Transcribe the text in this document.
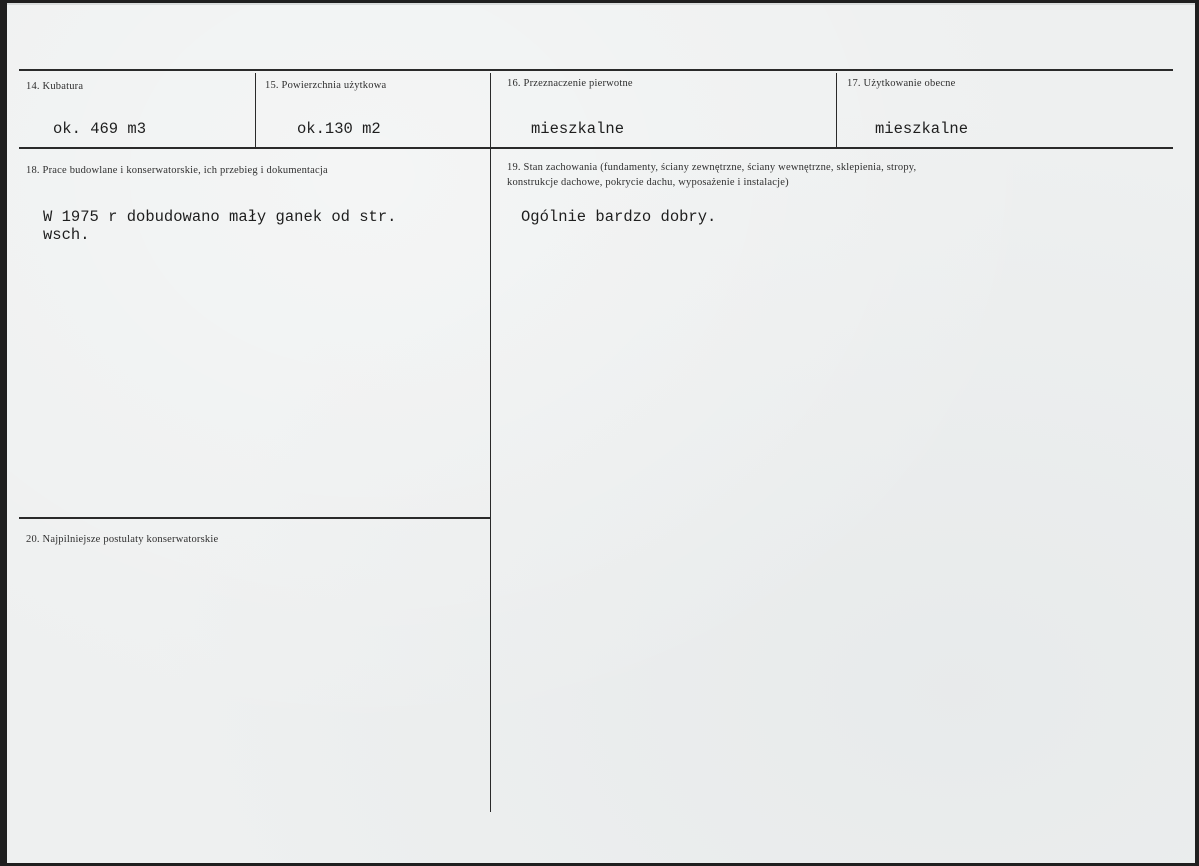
14. Kubatura
ok. 469 m3
15. Powierzchnia użytkowa
ok.130 m2
16. Przeznaczenie pierwotne
mieszkalne
17. Użytkowanie obecne
mieszkalne
18. Prace budowlane i konserwatorskie, ich przebieg i dokumentacja
W 1975 r dobudowano mały ganek od str.
wsch.
19. Stan zachowania (fundamenty, ściany zewnętrzne, ściany wewnętrzne, sklepienia, stropy,
konstrukcje dachowe, pokrycie dachu, wyposażenie i instalacje)
Ogólnie bardzo dobry.
20. Najpilniejsze postulaty konserwatorskie
